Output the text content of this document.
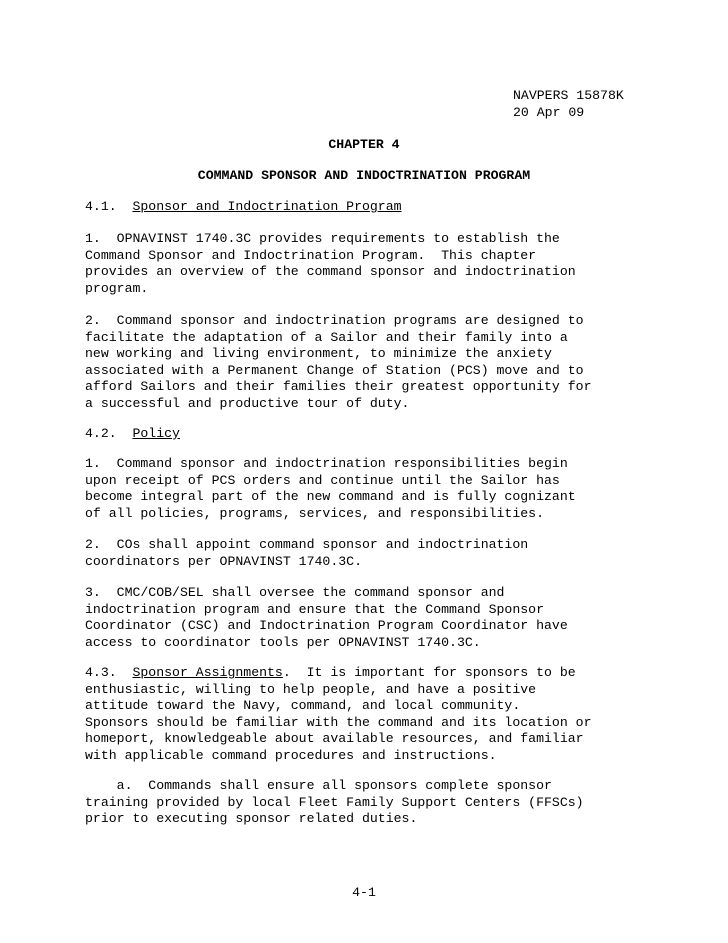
NAVPERS 15878K
20 Apr 09
CHAPTER 4
COMMAND SPONSOR AND INDOCTRINATION PROGRAM
4.1. Sponsor and Indoctrination Program
1.  OPNAVINST 1740.3C provides requirements to establish the
Command Sponsor and Indoctrination Program.  This chapter
provides an overview of the command sponsor and indoctrination
program.
2.  Command sponsor and indoctrination programs are designed to
facilitate the adaptation of a Sailor and their family into a
new working and living environment, to minimize the anxiety
associated with a Permanent Change of Station (PCS) move and to
afford Sailors and their families their greatest opportunity for
a successful and productive tour of duty.
4.2. Policy
1.  Command sponsor and indoctrination responsibilities begin
upon receipt of PCS orders and continue until the Sailor has
become integral part of the new command and is fully cognizant
of all policies, programs, services, and responsibilities.
2.  COs shall appoint command sponsor and indoctrination
coordinators per OPNAVINST 1740.3C.
3.  CMC/COB/SEL shall oversee the command sponsor and
indoctrination program and ensure that the Command Sponsor
Coordinator (CSC) and Indoctrination Program Coordinator have
access to coordinator tools per OPNAVINST 1740.3C.
4.3. Sponsor Assignments.  It is important for sponsors to be
enthusiastic, willing to help people, and have a positive
attitude toward the Navy, command, and local community.
Sponsors should be familiar with the command and its location or
homeport, knowledgeable about available resources, and familiar
with applicable command procedures and instructions.
a.  Commands shall ensure all sponsors complete sponsor
training provided by local Fleet Family Support Centers (FFSCs)
prior to executing sponsor related duties.
4-1
